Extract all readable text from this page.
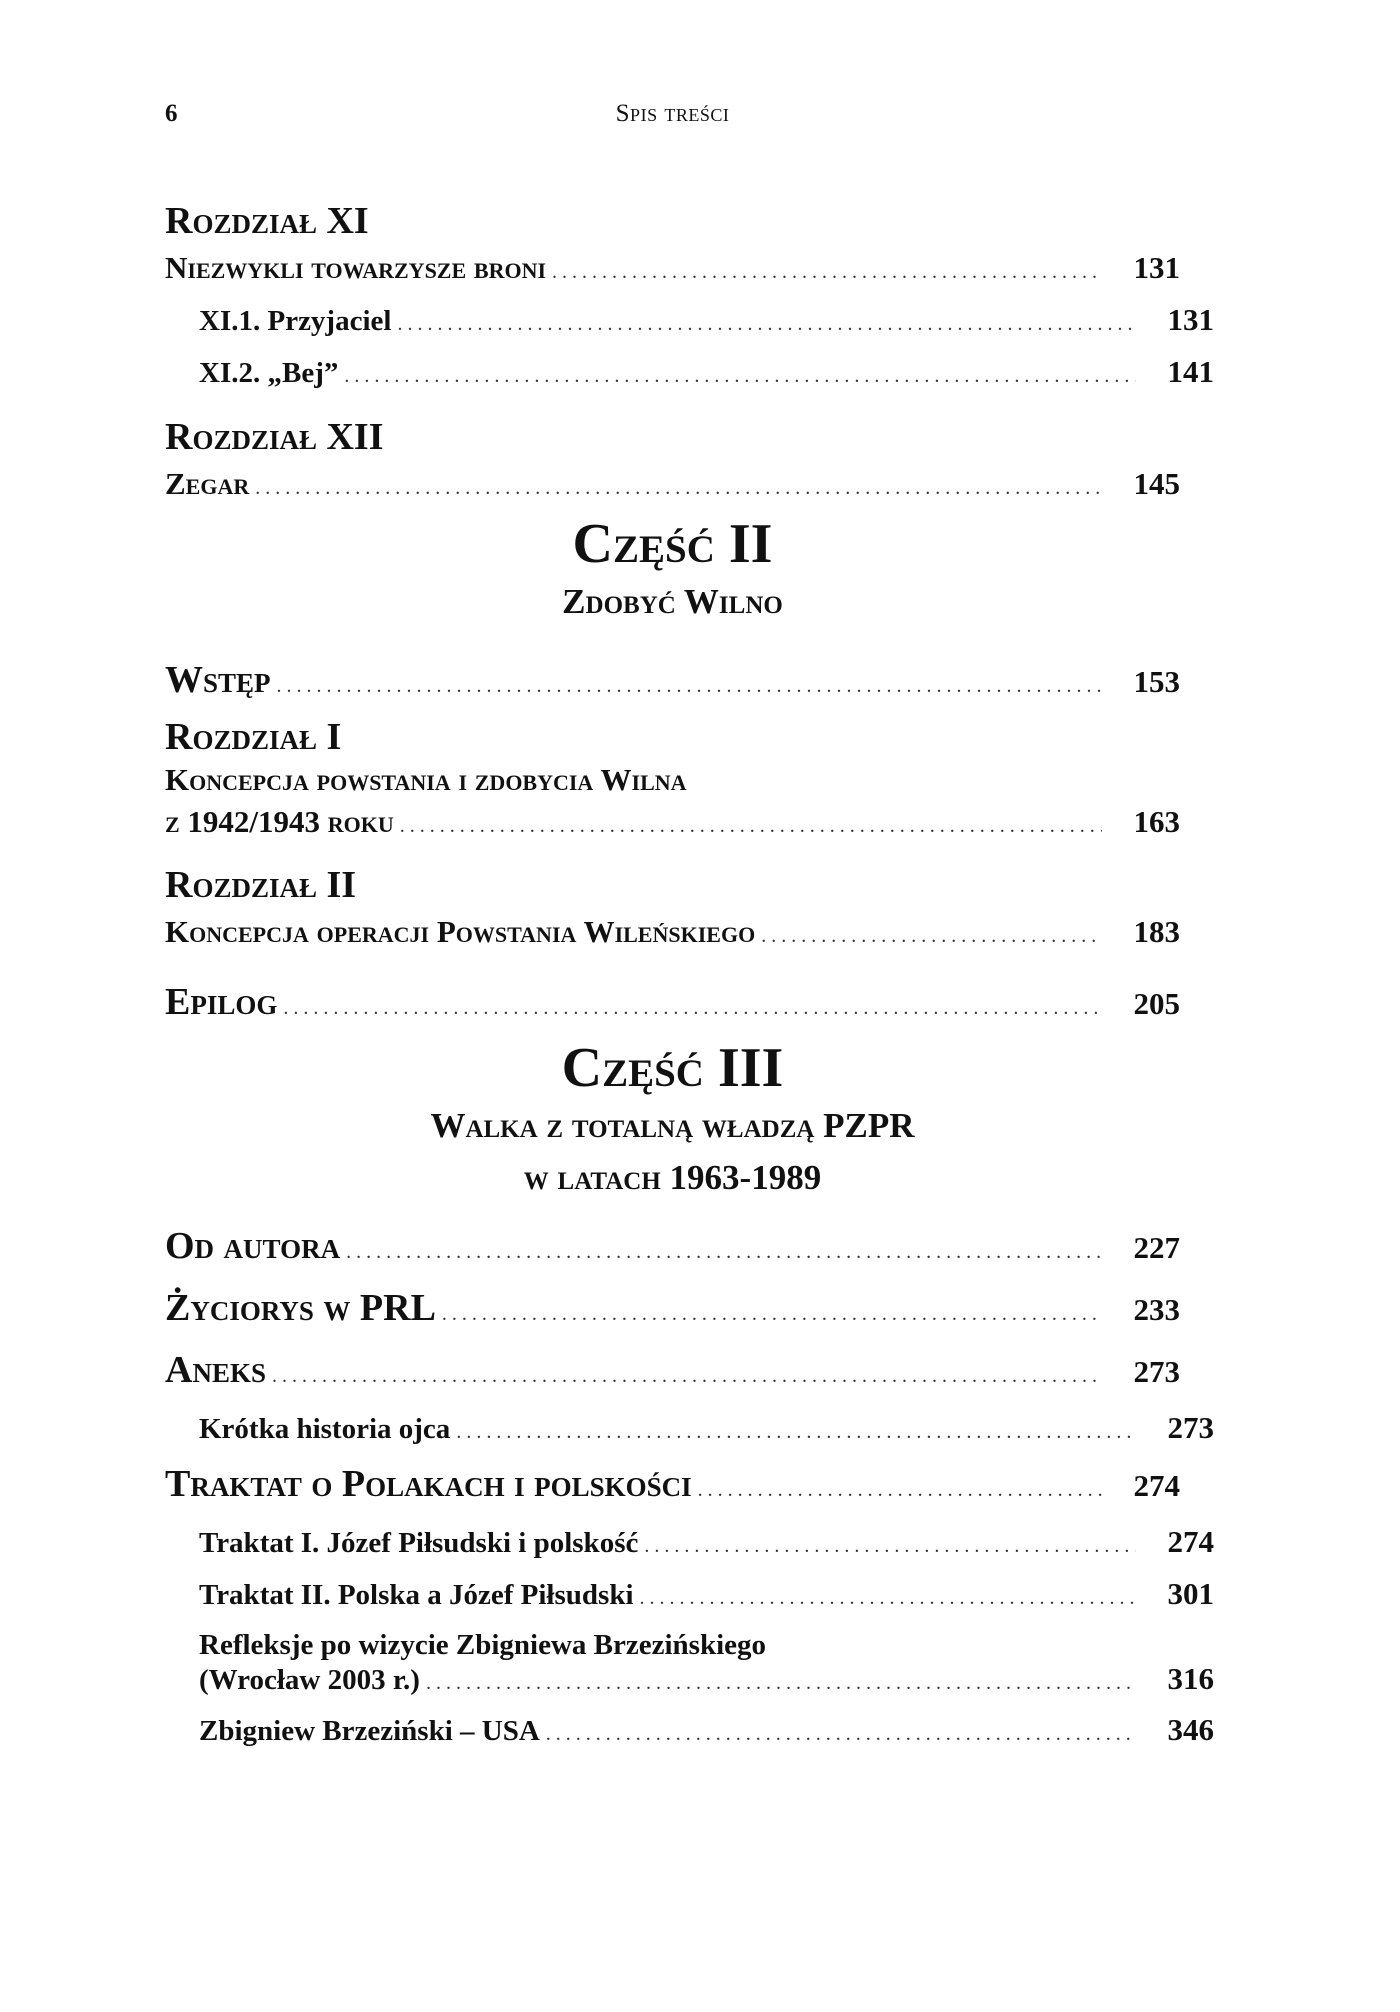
6	Spis treści
Rozdział XI
Niezwykli towarzysze broni . . .	131
XI.1. Przyjaciel . . .	131
XI.2. „Bej” . . .	141
Rozdział XII
Zegar . . .	145
Część II
Zdobyć Wilno
Wstęp . . .	153
Rozdział I
Koncepcja powstania i zdobycia Wilna
z 1942/1943 roku . . .	163
Rozdział II
Koncepcja operacji Powstania Wileńskiego . . .	183
Epilog . . .	205
Część III
Walka z totalną władzą PZPR
w latach 1963-1989
Od autora . . .	227
Życiorys w PRL . . .	233
Aneks . . .	273
Krótka historia ojca . . .	273
Traktat o Polakach i polskości . . .	274
Traktat I. Józef Piłsudski i polskość . . .	274
Traktat II. Polska a Józef Piłsudski . . .	301
Refleksje po wizycie Zbigniewa Brzezińskiego
(Wrocław 2003 r.) . . .	316
Zbigniew Brzeziński – USA . . .	346
